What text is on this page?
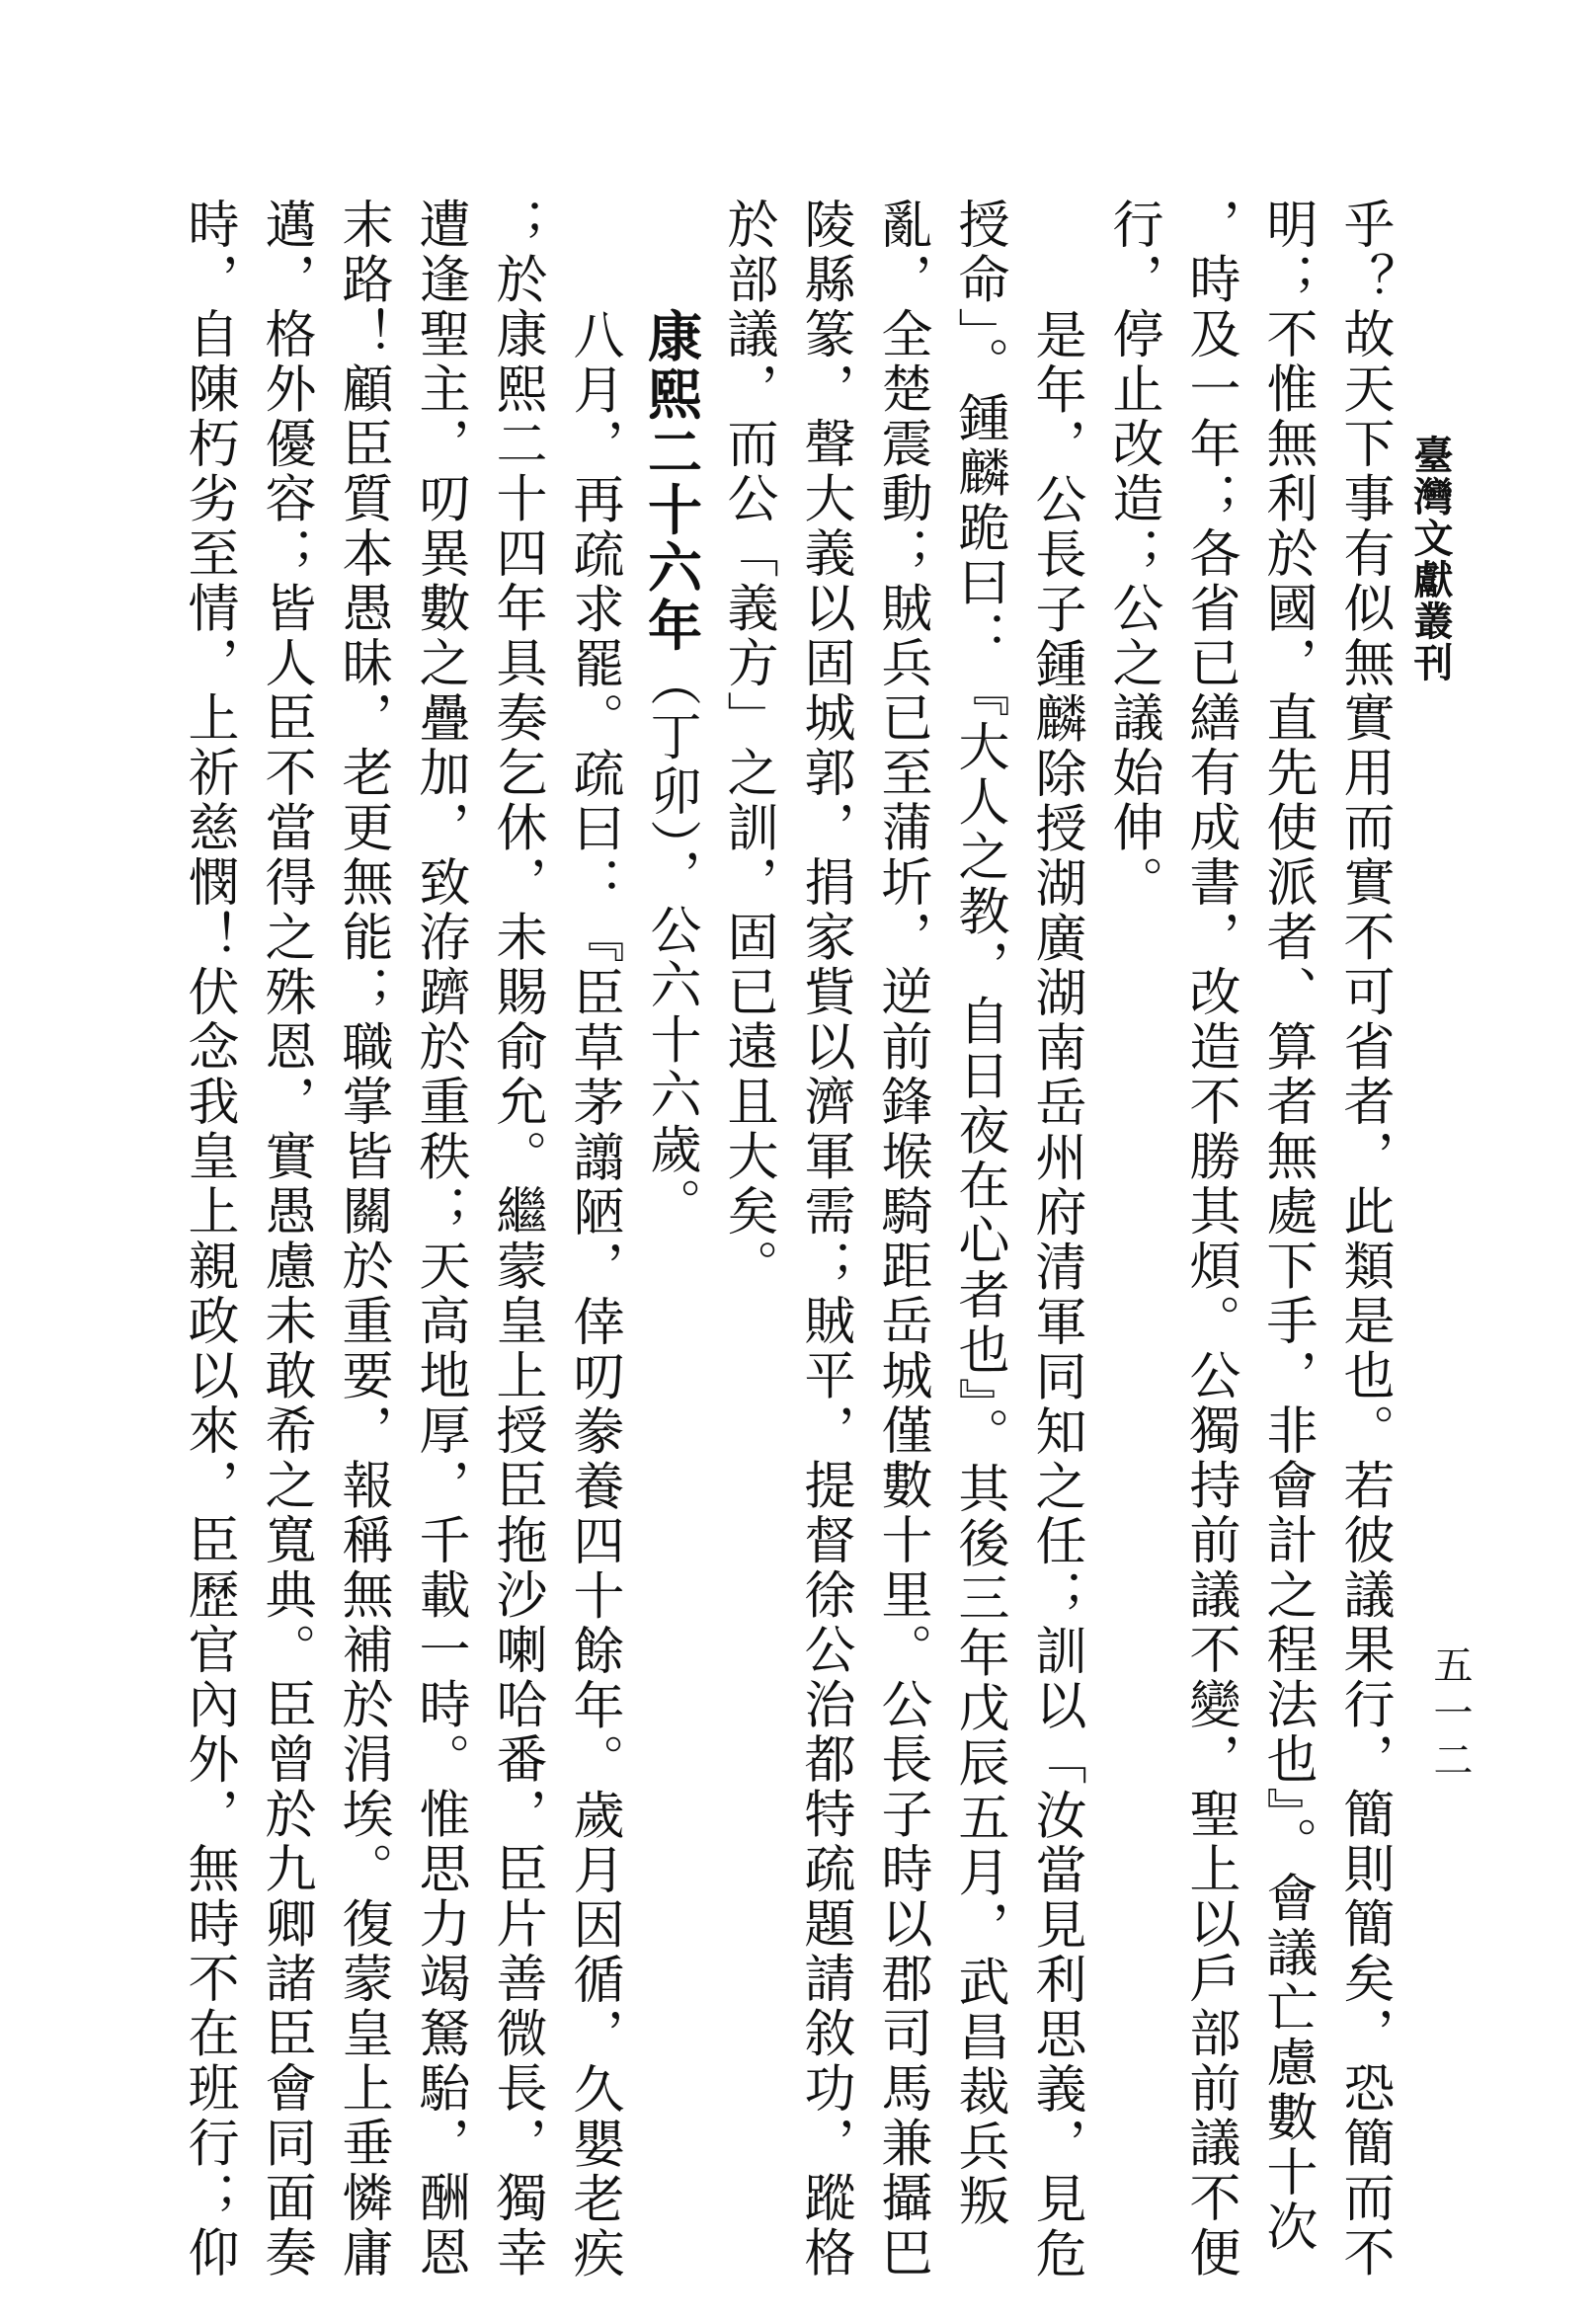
臺灣文獻叢刊
五一二
乎？故天下事有似無實用而實不可省者，此類是也。若彼議果行，簡則簡矣，恐簡而不
明；不惟無利於國，直先使派者、算者無處下手，非會計之程法也』。會議亡慮數十次
，時及一年；各省已繕有成書，改造不勝其煩。公獨持前議不變，聖上以戶部前議不便
行，停止改造；公之議始伸。
是年，公長子鍾麟除授湖廣湖南岳州府清軍同知之任；訓以「汝當見利思義，見危
授命」。鍾麟跪曰：『大人之教，自日夜在心者也』。其後三年戊辰五月，武昌裁兵叛
亂，全楚震動；賊兵已至蒲圻，逆前鋒堠騎距岳城僅數十里。公長子時以郡司馬兼攝巴
陵縣篆，聲大義以固城郭，捐家貲以濟軍需；賊平，提督徐公治都特疏題請敘功，蹤格
於部議，而公「義方」之訓，固已遠且大矣。
康熙二十六年（丁卯），公六十六歲。
八月，再疏求罷。疏曰：『臣草茅譾陋，倖叨豢養四十餘年。歲月因循，久嬰老疾
；於康熙二十四年具奏乞休，未賜俞允。繼蒙皇上授臣拖沙喇哈番，臣片善微長，獨幸
遭逢聖主，叨異數之疊加，致洊躋於重秩；天高地厚，千載一時。惟思力竭駑駘，酬恩
末路！顧臣質本愚昧，老更無能；職掌皆關於重要，報稱無補於涓埃。復蒙皇上垂憐庸
邁，格外優容；皆人臣不當得之殊恩，實愚慮未敢希之寬典。臣曾於九卿諸臣會同面奏
時，自陳朽劣至情，上祈慈憫！伏念我皇上親政以來，臣歷官內外，無時不在班行；仰
